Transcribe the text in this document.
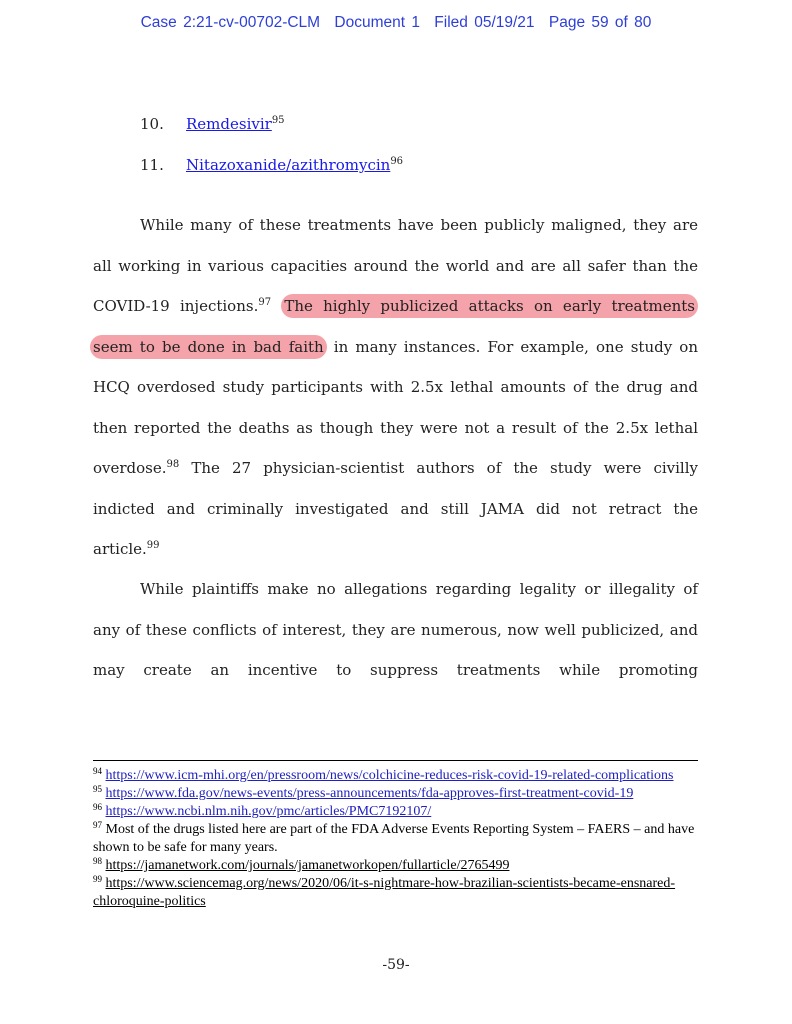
Case 2:21-cv-00702-CLM Document 1 Filed 05/19/21 Page 59 of 80
10. Remdesivir$^{95}$
11. Nitazoxanide/azithromycin$^{96}$
While many of these treatments have been publicly maligned, they are
all working in various capacities around the world and are all safer than the
COVID-19 injections.$^{97}$ The highly publicized attacks on early treatments
seem to be done in bad faith in many instances. For example, one study on
HCQ overdosed study participants with 2.5x lethal amounts of the drug and
then reported the deaths as though they were not a result of the 2.5x lethal
overdose.$^{98}$ The 27 physician-scientist authors of the study were civilly
indicted and criminally investigated and still JAMA did not retract the
article.$^{99}$
While plaintiffs make no allegations regarding legality or illegality of
any of these conflicts of interest, they are numerous, now well publicized, and
may create an incentive to suppress treatments while promoting
$^{94}$ https://www.icm-mhi.org/en/pressroom/news/colchicine-reduces-risk-covid-19-related-complications
$^{95}$ https://www.fda.gov/news-events/press-announcements/fda-approves-first-treatment-covid-19
$^{96}$ https://www.ncbi.nlm.nih.gov/pmc/articles/PMC7192107/
$^{97}$ Most of the drugs listed here are part of the FDA Adverse Events Reporting System – FAERS – and have shown to be safe for many years.
$^{98}$ https://jamanetwork.com/journals/jamanetworkopen/fullarticle/2765499
$^{99}$ https://www.sciencemag.org/news/2020/06/it-s-nightmare-how-brazilian-scientists-became-ensnared-chloroquine-politics
-59-
